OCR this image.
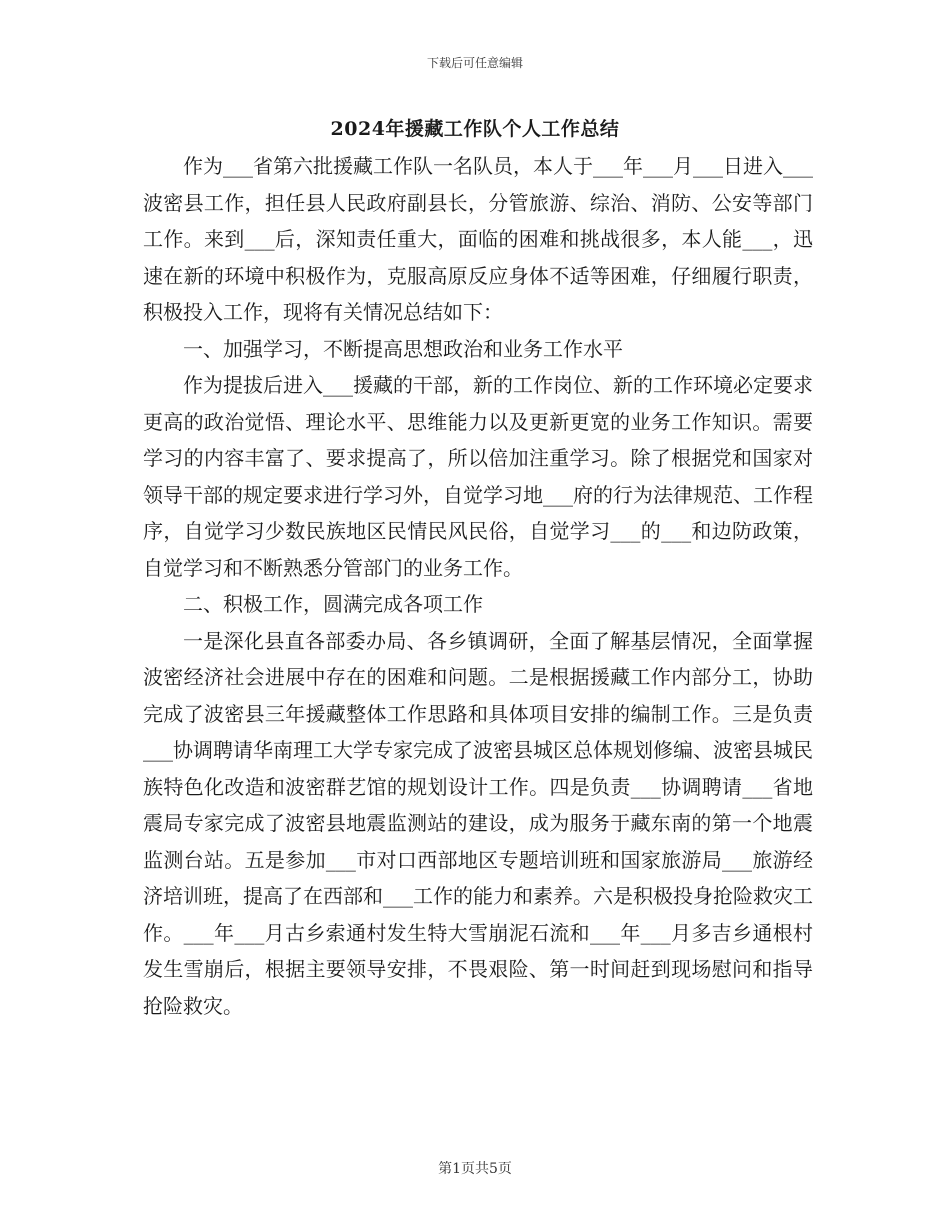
下载后可任意编辑
2024年援藏工作队个人工作总结

作为___省第六批援藏工作队一名队员，本人于___年___月___日进入___波密县工作，担任县人民政府副县长，分管旅游、综治、消防、公安等部门工作。来到___后，深知责任重大，面临的困难和挑战很多，本人能___，迅速在新的环境中积极作为，克服高原反应身体不适等困难，仔细履行职责，积极投入工作，现将有关情况总结如下：

一、加强学习，不断提高思想政治和业务工作水平

作为提拔后进入___援藏的干部，新的工作岗位、新的工作环境必定要求更高的政治觉悟、理论水平、思维能力以及更新更宽的业务工作知识。需要学习的内容丰富了、要求提高了，所以倍加注重学习。除了根据党和国家对领导干部的规定要求进行学习外，自觉学习地___府的行为法律规范、工作程序，自觉学习少数民族地区民情民风民俗，自觉学习___的___和边防政策，自觉学习和不断熟悉分管部门的业务工作。

二、积极工作，圆满完成各项工作

一是深化县直各部委办局、各乡镇调研，全面了解基层情况，全面掌握波密经济社会进展中存在的困难和问题。二是根据援藏工作内部分工，协助完成了波密县三年援藏整体工作思路和具体项目安排的编制工作。三是负责___协调聘请华南理工大学专家完成了波密县城区总体规划修编、波密县城民族特色化改造和波密群艺馆的规划设计工作。四是负责___协调聘请___省地震局专家完成了波密县地震监测站的建设，成为服务于藏东南的第一个地震监测台站。五是参加___市对口西部地区专题培训班和国家旅游局___旅游经济培训班，提高了在西部和___工作的能力和素养。六是积极投身抢险救灾工作。___年___月古乡索通村发生特大雪崩泥石流和___年___月多吉乡通根村发生雪崩后，根据主要领导安排，不畏艰险、第一时间赶到现场慰问和指导抢险救灾。

第1页共5页
